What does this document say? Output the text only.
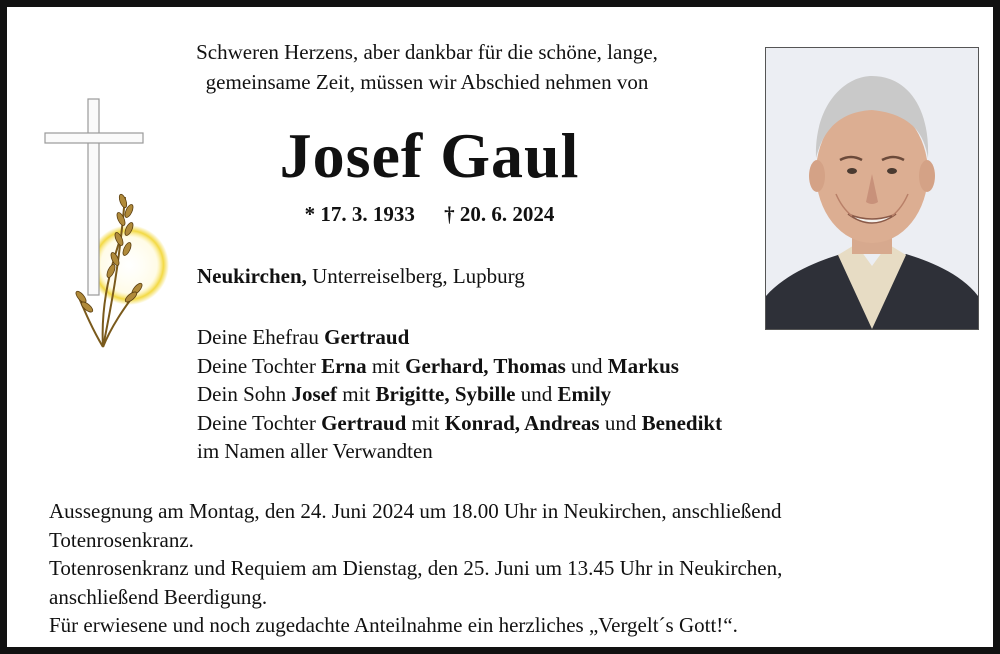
Schweren Herzens, aber dankbar für die schöne, lange,
gemeinsame Zeit, müssen wir Abschied nehmen von
Josef Gaul
* 17. 3. 1933 † 20. 6. 2024
Neukirchen, Unterreiselberg, Lupburg
Deine Ehefrau Gertraud
Deine Tochter Erna mit Gerhard, Thomas und Markus
Dein Sohn Josef mit Brigitte, Sybille und Emily
Deine Tochter Gertraud mit Konrad, Andreas und Benedikt
im Namen aller Verwandten
Aussegnung am Montag, den 24. Juni 2024 um 18.00 Uhr in Neukirchen, anschließend
Totenrosenkranz.
Totenrosenkranz und Requiem am Dienstag, den 25. Juni um 13.45 Uhr in Neukirchen,
anschließend Beerdigung.
Für erwiesene und noch zugedachte Anteilnahme ein herzliches „Vergelt´s Gott!“.
